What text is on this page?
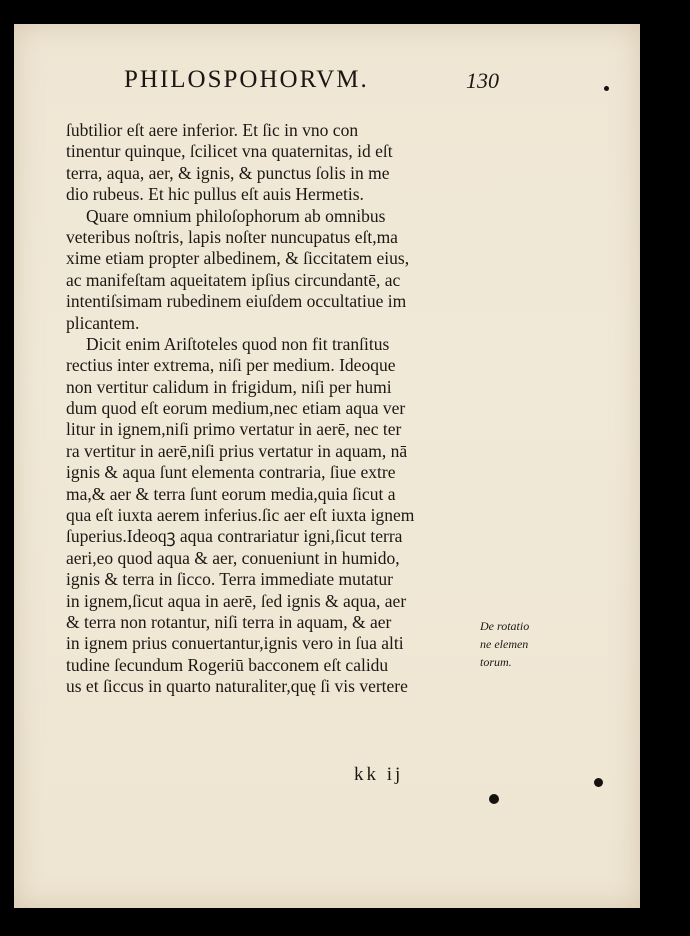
PHILOSPOHORVM.	130
ſubtilior eſt aere inferior. Et ſic in vno con
tinentur quinque, ſcilicet vna quaternitas, id eſt
terra, aqua, aer, & ignis, & punctus ſolis in me
dio rubeus. Et hic pullus eſt auis Hermetis.
Quare omnium philoſophorum ab omnibus
veteribus noſtris, lapis noſter nuncupatus eſt,ma
xime etiam propter albedinem, & ſiccitatem eius,
ac manifeſtam aqueitatem ipſius circundantē, ac
intentiſsimam rubedinem eiuſdem occultatiue im
plicantem.
Dicit enim Ariſtoteles quod non fit tranſitus
rectius inter extrema, niſi per medium. Ideoque
non vertitur calidum in frigidum, niſi per humi
dum quod eſt eorum medium,nec etiam aqua ver
litur in ignem,niſi primo vertatur in aerē, nec ter
ra vertitur in aerē,niſi prius vertatur in aquam, nā
ignis & aqua ſunt elementa contraria, ſiue extre
ma,& aer & terra ſunt eorum media,quia ſicut a
qua eſt iuxta aerem inferius.ſic aer eſt iuxta ignem
ſuperius.Ideoqꝫ aqua contrariatur igni,ſicut terra
aeri,eo quod aqua & aer, conueniunt in humido,
ignis & terra in ſicco. Terra immediate mutatur
in ignem,ſicut aqua in aerē, ſed ignis & aqua, aer
& terra non rotantur, niſi terra in aquam, & aer
in ignem prius conuertantur,ignis vero in ſua alti
tudine ſecundum Rogeriū bacconem eſt calidu
us et ſiccus in quarto naturaliter,quę ſi vis vertere
De rotatio
ne elemen
torum.
kk ij
